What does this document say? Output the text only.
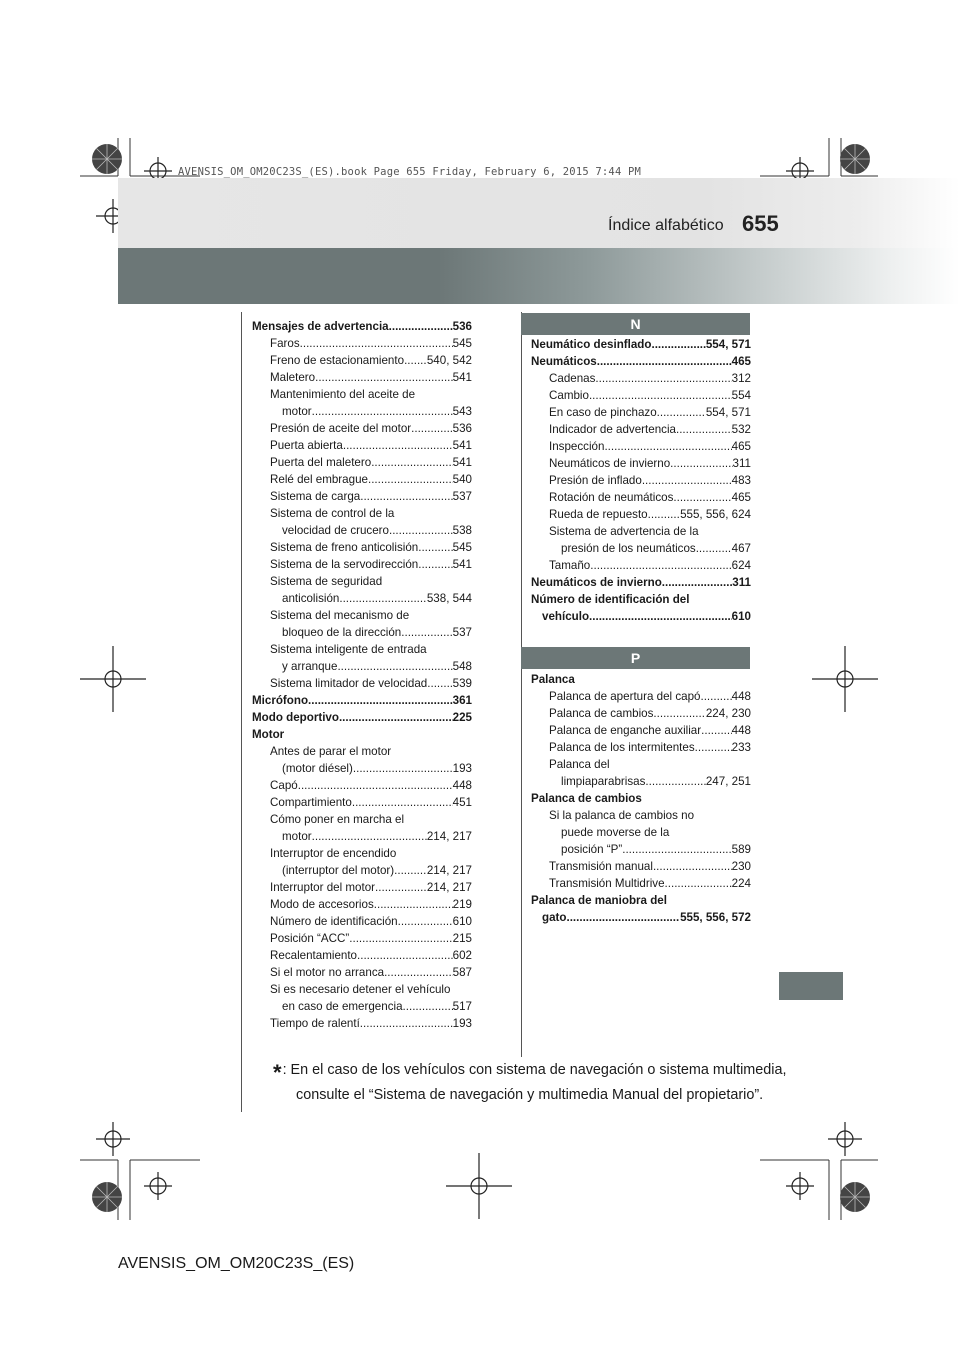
AVENSIS_OM_OM20C23S_(ES).book Page 655 Friday, February 6, 2015 7:44 PM
Índice alfabético 655
Mensajes de advertencia .....	536
Faros .....	545
Freno de estacionamiento ..... 540, 542
Maletero .....	541
Mantenimiento del aceite de
motor .....	543
Presión de aceite del motor .....	536
Puerta abierta .....	541
Puerta del maletero .....	541
Relé del embrague .....	540
Sistema de carga .....	537
Sistema de control de la
velocidad de crucero .....	538
Sistema de freno anticolisión .....	545
Sistema de la servodirección .....	541
Sistema de seguridad
anticolisión .....	538, 544
Sistema del mecanismo de
bloqueo de la dirección .....	537
Sistema inteligente de entrada
y arranque .....	548
Sistema limitador de velocidad ..... 539
Micrófono .....	361
Modo deportivo .....	225
Motor
Antes de parar el motor
(motor diésel) .....	193
Capó .....	448
Compartimiento .....	451
Cómo poner en marcha el
motor .....	214, 217
Interruptor de encendido
(interruptor del motor) .....	214, 217
Interruptor del motor .....	214, 217
Modo de accesorios .....	219
Número de identificación .....	610
Posición “ACC” .....	215
Recalentamiento .....	602
Si el motor no arranca .....	587
Si es necesario detener el vehículo
en caso de emergencia .....	517
Tiempo de ralentí .....	193
N
Neumático desinflado .....	554, 571
Neumáticos .....	465
Cadenas .....	312
Cambio .....	554
En caso de pinchazo .....	554, 571
Indicador de advertencia .....	532
Inspección .....	465
Neumáticos de invierno .....	311
Presión de inflado .....	483
Rotación de neumáticos .....	465
Rueda de repuesto .....	555, 556, 624
Sistema de advertencia de la
presión de los neumáticos .....	467
Tamaño .....	624
Neumáticos de invierno .....	311
Número de identificación del
vehículo .....	610
P
Palanca
Palanca de apertura del capó .....	448
Palanca de cambios .....	224, 230
Palanca de enganche auxiliar .....	448
Palanca de los intermitentes .....	233
Palanca del
limpiaparabrisas .....	247, 251
Palanca de cambios
Si la palanca de cambios no
puede moverse de la
posición “P” .....	589
Transmisión manual .....	230
Transmisión Multidrive .....	224
Palanca de maniobra del
gato .....	555, 556, 572
*: En el caso de los vehículos con sistema de navegación o sistema multimedia,
consulte el “Sistema de navegación y multimedia Manual del propietario”.
AVENSIS_OM_OM20C23S_(ES)
